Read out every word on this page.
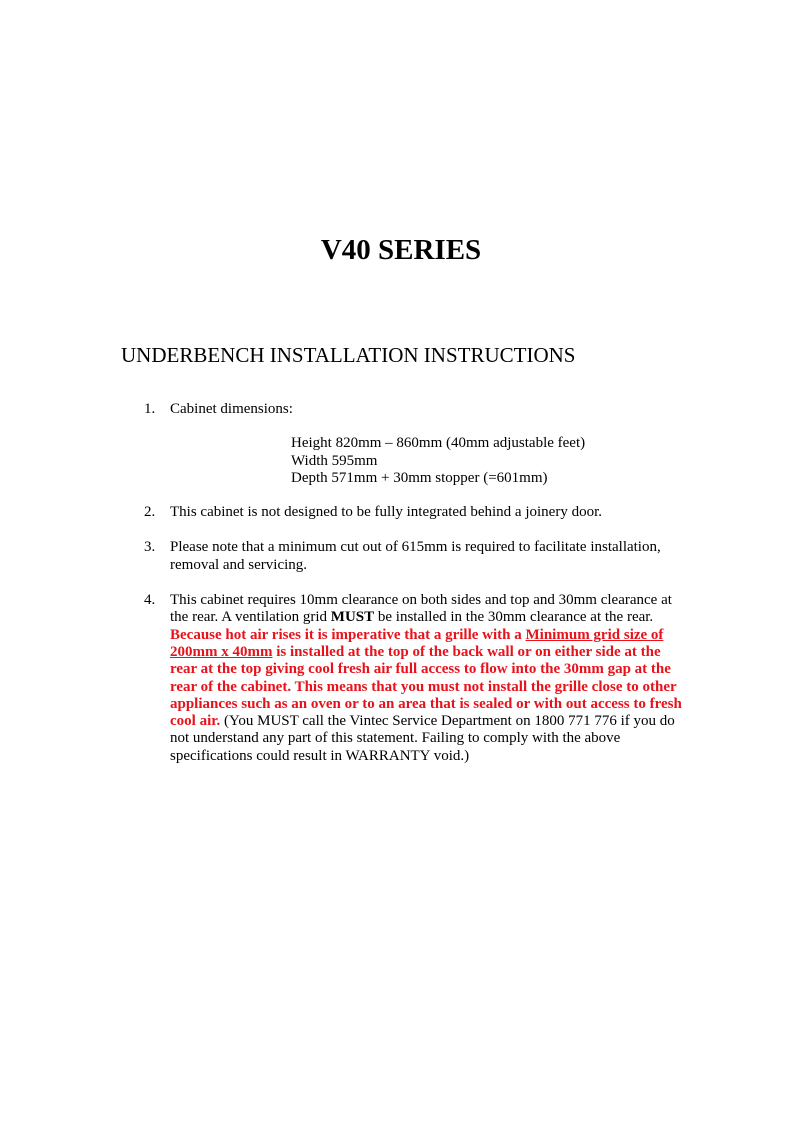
V40 SERIES
UNDERBENCH INSTALLATION INSTRUCTIONS
1. Cabinet dimensions:
Height 820mm – 860mm (40mm adjustable feet)
Width 595mm
Depth 571mm + 30mm stopper (=601mm)
2. This cabinet is not designed to be fully integrated behind a joinery door.
3. Please note that a minimum cut out of 615mm is required to facilitate installation, removal and servicing.
4. This cabinet requires 10mm clearance on both sides and top and 30mm clearance at the rear. A ventilation grid MUST be installed in the 30mm clearance at the rear. Because hot air rises it is imperative that a grille with a Minimum grid size of 200mm x 40mm is installed at the top of the back wall or on either side at the rear at the top giving cool fresh air full access to flow into the 30mm gap at the rear of the cabinet. This means that you must not install the grille close to other appliances such as an oven or to an area that is sealed or with out access to fresh cool air. (You MUST call the Vintec Service Department on 1800 771 776 if you do not understand any part of this statement. Failing to comply with the above specifications could result in WARRANTY void.)
